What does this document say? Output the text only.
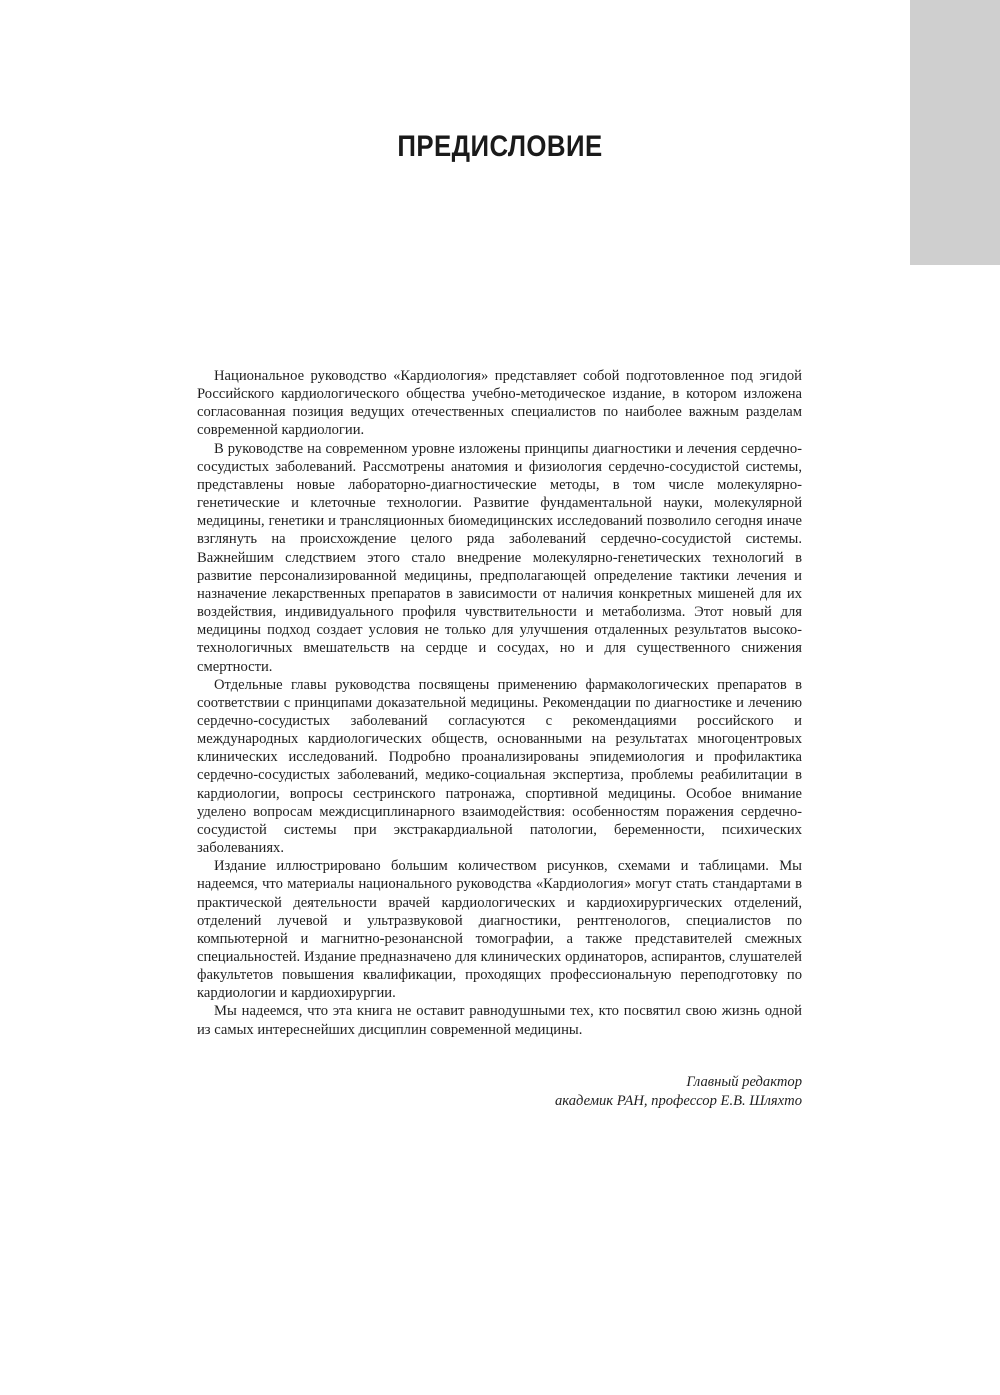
ПРЕДИСЛОВИЕ

Национальное руководство «Кардиология» представляет собой подготовленное под эгидой Российского кардиологического общества учебно-методическое издание, в котором изложена согласованная позиция ведущих отечественных специалистов по наиболее важным разделам современной кардиологии.

В руководстве на современном уровне изложены принципы диагностики и лечения сердечно-сосудистых заболеваний. Рассмотрены анатомия и физиология сердечно-сосудистой системы, представлены новые лабораторно-диагностические методы, в том числе молекулярно-генетические и клеточные технологии. Развитие фундаментальной науки, молекулярной медицины, генетики и трансляционных биомедицинских исследований позволило сегодня иначе взглянуть на происхождение целого ряда заболеваний сердечно-сосудистой системы. Важнейшим следствием этого стало внедрение молекулярно-генетических технологий в развитие персонализированной медицины, предполагающей определение тактики лечения и назначение лекарственных препаратов в зависимости от наличия конкретных мишеней для их воздействия, индивидуального профиля чувствительности и метаболизма. Этот новый для медицины подход создает условия не только для улучшения отдаленных результатов высокотехнологичных вмешательств на сердце и сосудах, но и для существенного снижения смертности.

Отдельные главы руководства посвящены применению фармакологических препаратов в соответствии с принципами доказательной медицины. Рекомендации по диагностике и лечению сердечно-сосудистых заболеваний согласуются с рекомендациями российского и международных кардиологических обществ, основанными на результатах многоцентровых клинических исследований. Подробно проанализированы эпидемиология и профилактика сердечно-сосудистых заболеваний, медико-социальная экспертиза, проблемы реабилитации в кардиологии, вопросы сестринского патронажа, спортивной медицины. Особое внимание уделено вопросам междисциплинарного взаимодействия: особенностям поражения сердечно-сосудистой системы при экстракардиальной патологии, беременности, психических заболеваниях.

Издание иллюстрировано большим количеством рисунков, схемами и таблицами. Мы надеемся, что материалы национального руководства «Кардиология» могут стать стандартами в практической деятельности врачей кардиологических и кардиохирургических отделений, отделений лучевой и ультразвуковой диагностики, рентгенологов, специалистов по компьютерной и магнитно-резонансной томографии, а также представителей смежных специальностей. Издание предназначено для клинических ординаторов, аспирантов, слушателей факультетов повышения квалификации, проходящих профессиональную переподготовку по кардиологии и кардиохирургии.

Мы надеемся, что эта книга не оставит равнодушными тех, кто посвятил свою жизнь одной из самых интереснейших дисциплин современной медицины.

Главный редактор
академик РАН, профессор Е.В. Шляхто
